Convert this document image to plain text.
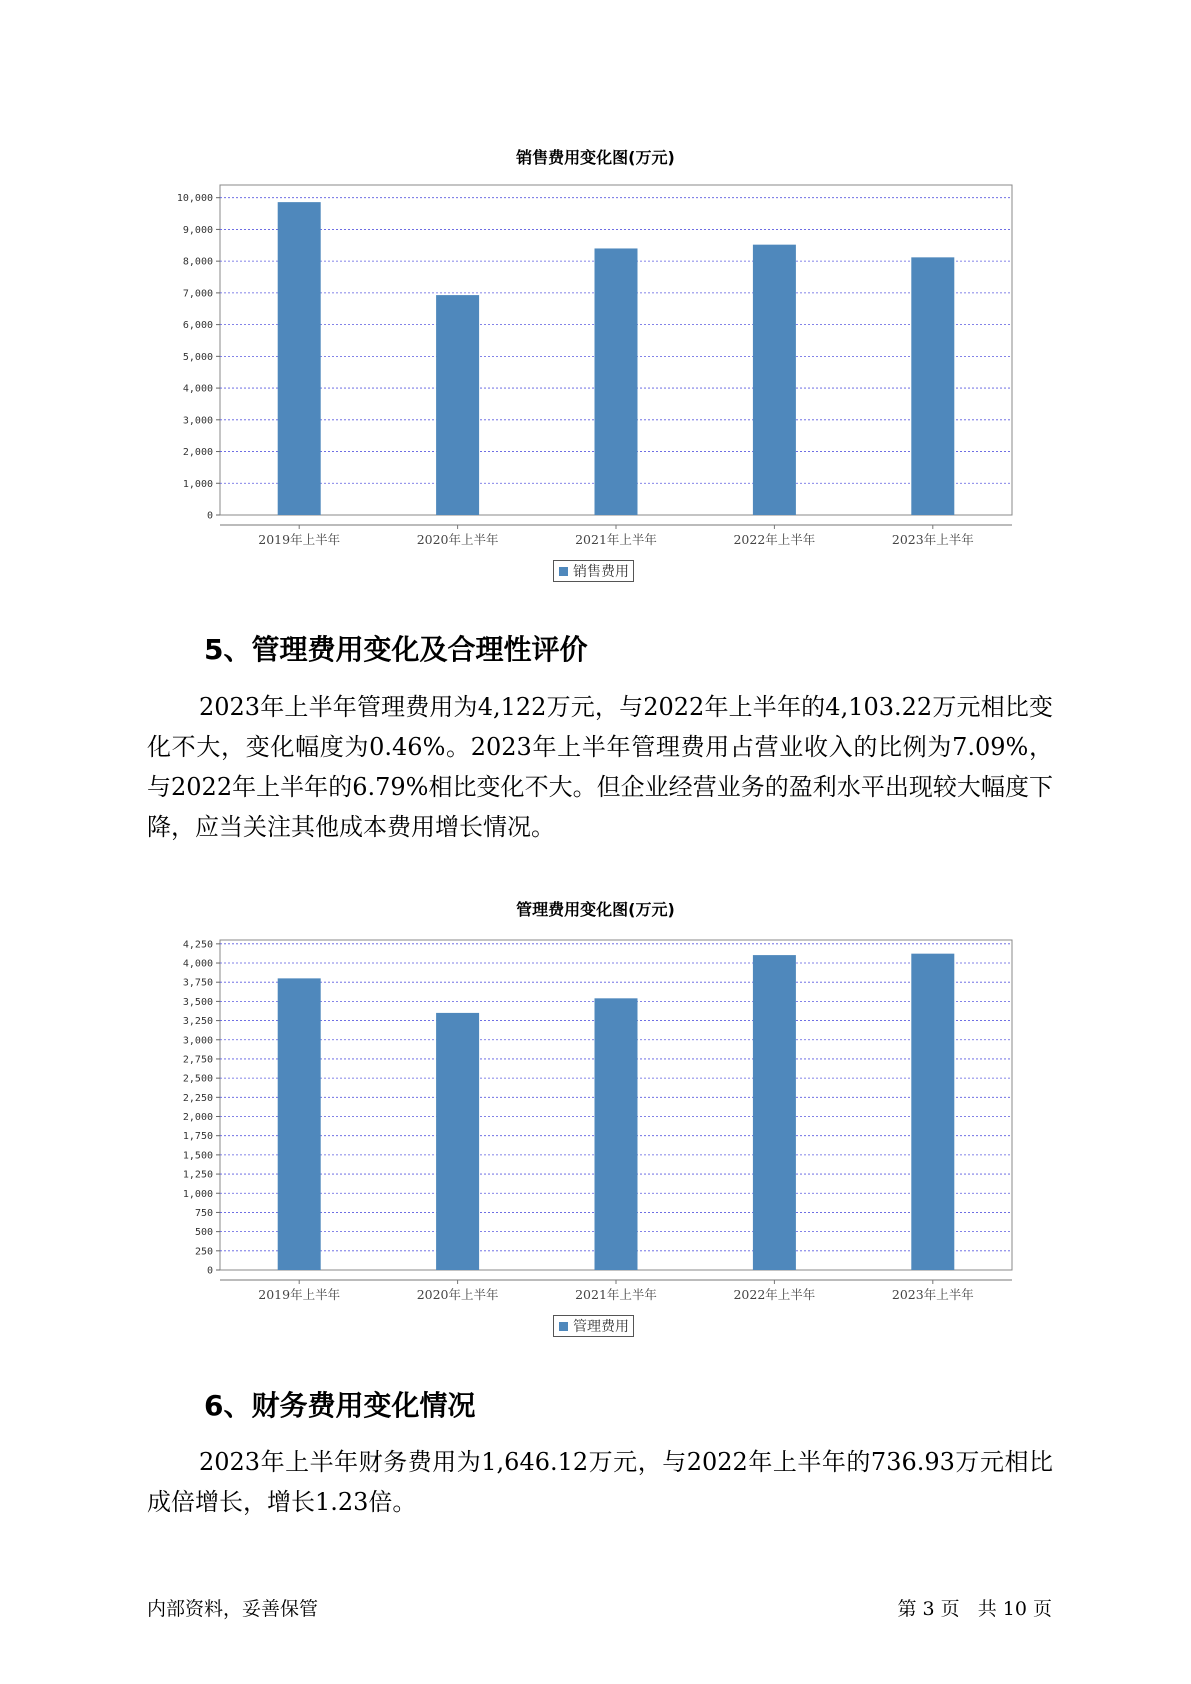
销售费用变化图(万元)
0
1,000
2,000
3,000
4,000
5,000
6,000
7,000
8,000
9,000
10,000
2019年上半年	2020年上半年	2021年上半年	2022年上半年	2023年上半年
销售费用
5、管理费用变化及合理性评价
2023年上半年管理费用为4,122万元，与2022年上半年的4,103.22万元相比变化不大，变化幅度为0.46%。2023年上半年管理费用占营业收入的比例为7.09%，与2022年上半年的6.79%相比变化不大。但企业经营业务的盈利水平出现较大幅度下降，应当关注其他成本费用增长情况。
管理费用变化图(万元)
0
250
500
750
1,000
1,250
1,500
1,750
2,000
2,250
2,500
2,750
3,000
3,250
3,500
3,750
4,000
4,250
2019年上半年	2020年上半年	2021年上半年	2022年上半年	2023年上半年
管理费用
6、财务费用变化情况
2023年上半年财务费用为1,646.12万元，与2022年上半年的736.93万元相比成倍增长，增长1.23倍。
内部资料，妥善保管	第 3 页   共 10 页
